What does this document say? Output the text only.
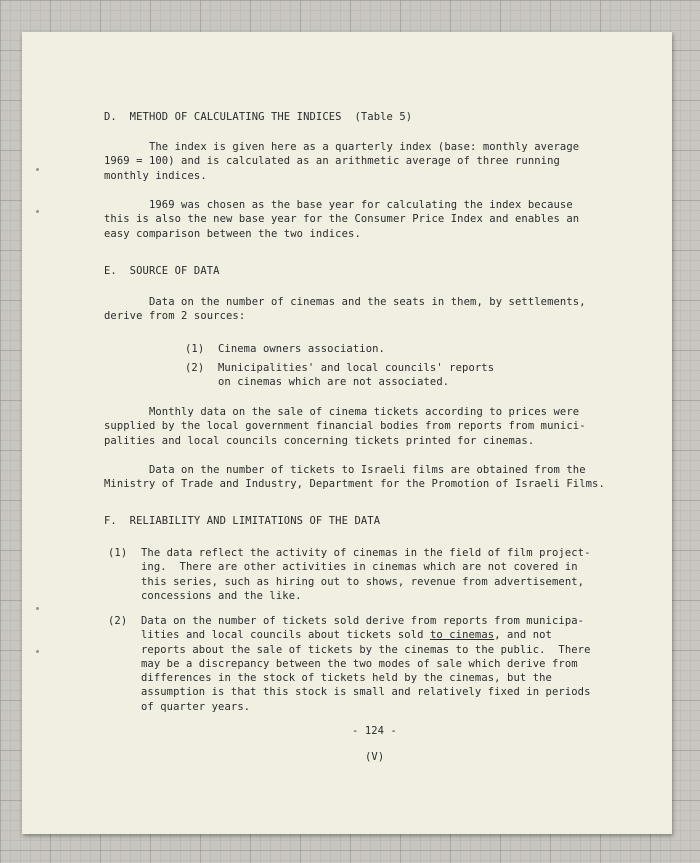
D.  METHOD OF CALCULATING THE INDICES  (Table 5)
The index is given here as a quarterly index (base: monthly average
1969 = 100) and is calculated as an arithmetic average of three running
monthly indices.
1969 was chosen as the base year for calculating the index because
this is also the new base year for the Consumer Price Index and enables an
easy comparison between the two indices.
E.  SOURCE OF DATA
Data on the number of cinemas and the seats in them, by settlements,
derive from 2 sources:
(1) Cinema owners association.
(2) Municipalities' and local councils' reports
on cinemas which are not associated.
Monthly data on the sale of cinema tickets according to prices were
supplied by the local government financial bodies from reports from munici-
palities and local councils concerning tickets printed for cinemas.
Data on the number of tickets to Israeli films are obtained from the
Ministry of Trade and Industry, Department for the Promotion of Israeli Films.
F.  RELIABILITY AND LIMITATIONS OF THE DATA
(1) The data reflect the activity of cinemas in the field of film project-
ing.  There are other activities in cinemas which are not covered in
this series, such as hiring out to shows, revenue from advertisement,
concessions and the like.
(2) Data on the number of tickets sold derive from reports from municipa-
lities and local councils about tickets sold to cinemas, and not
reports about the sale of tickets by the cinemas to the public.  There
may be a discrepancy between the two modes of sale which derive from
differences in the stock of tickets held by the cinemas, but the
assumption is that this stock is small and relatively fixed in periods
of quarter years.
- 124 -
(V)
